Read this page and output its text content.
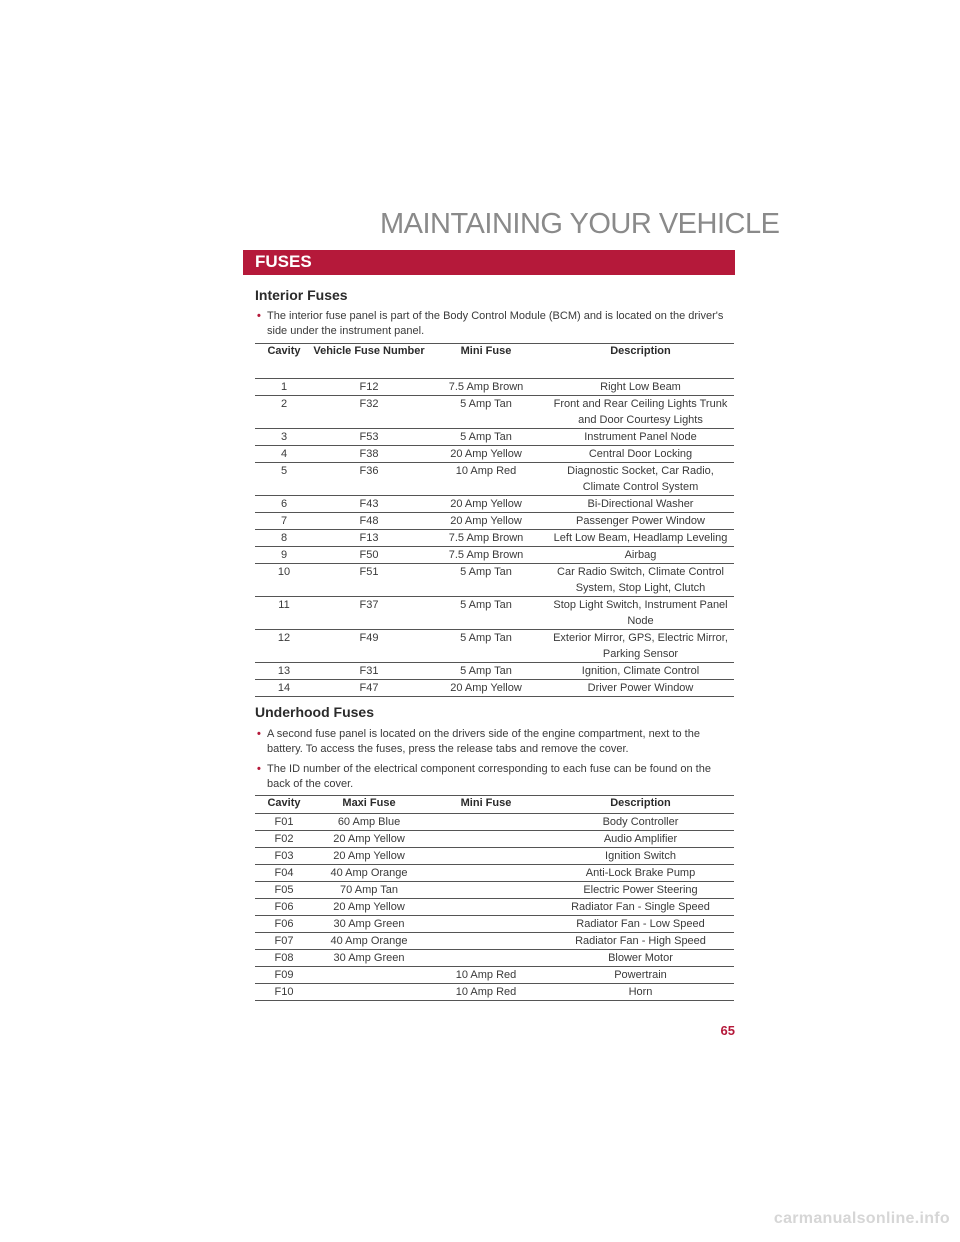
MAINTAINING YOUR VEHICLE
FUSES
Interior Fuses
• The interior fuse panel is part of the Body Control Module (BCM) and is located on the driver's side under the instrument panel.
Cavity	Vehicle Fuse Number	Mini Fuse	Description
1	F12	7.5 Amp Brown	Right Low Beam
2	F32	5 Amp Tan	Front and Rear Ceiling Lights Trunk and Door Courtesy Lights
3	F53	5 Amp Tan	Instrument Panel Node
4	F38	20 Amp Yellow	Central Door Locking
5	F36	10 Amp Red	Diagnostic Socket, Car Radio, Climate Control System
6	F43	20 Amp Yellow	Bi-Directional Washer
7	F48	20 Amp Yellow	Passenger Power Window
8	F13	7.5 Amp Brown	Left Low Beam, Headlamp Leveling
9	F50	7.5 Amp Brown	Airbag
10	F51	5 Amp Tan	Car Radio Switch, Climate Control System, Stop Light, Clutch
11	F37	5 Amp Tan	Stop Light Switch, Instrument Panel Node
12	F49	5 Amp Tan	Exterior Mirror, GPS, Electric Mirror, Parking Sensor
13	F31	5 Amp Tan	Ignition, Climate Control
14	F47	20 Amp Yellow	Driver Power Window
Underhood Fuses
• A second fuse panel is located on the drivers side of the engine compartment, next to the battery. To access the fuses, press the release tabs and remove the cover.
• The ID number of the electrical component corresponding to each fuse can be found on the back of the cover.
Cavity	Maxi Fuse	Mini Fuse	Description
F01	60 Amp Blue		Body Controller
F02	20 Amp Yellow		Audio Amplifier
F03	20 Amp Yellow		Ignition Switch
F04	40 Amp Orange		Anti-Lock Brake Pump
F05	70 Amp Tan		Electric Power Steering
F06	20 Amp Yellow		Radiator Fan - Single Speed
F06	30 Amp Green		Radiator Fan - Low Speed
F07	40 Amp Orange		Radiator Fan - High Speed
F08	30 Amp Green		Blower Motor
F09		10 Amp Red	Powertrain
F10		10 Amp Red	Horn
65
carmanualsonline.info
